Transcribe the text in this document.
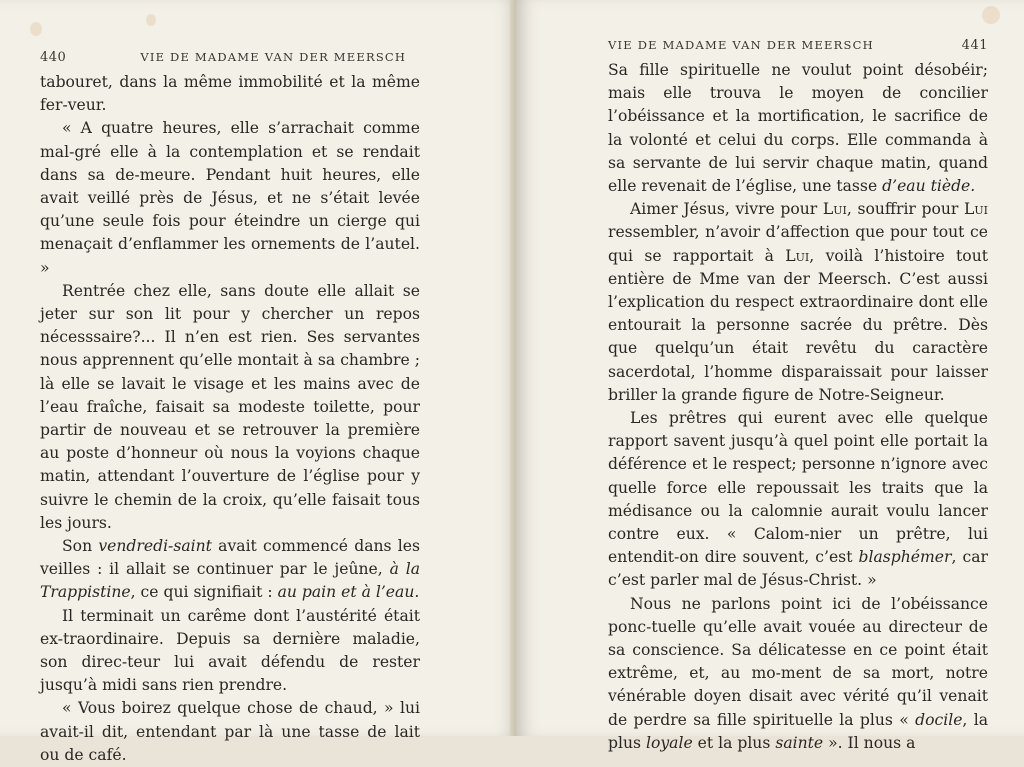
440	VIE DE MADAME VAN DER MEERSCH

tabouret, dans la même immobilité et la même fer-veur.

« A quatre heures, elle s’arrachait comme mal-gré elle à la contemplation et se rendait dans sa de-meure. Pendant huit heures, elle avait veillé près de Jésus, et ne s’était levée qu’une seule fois pour éteindre un cierge qui menaçait d’enflammer les ornements de l’autel. »

Rentrée chez elle, sans doute elle allait se jeter sur son lit pour y chercher un repos nécesssaire?... Il n’en est rien. Ses servantes nous apprennent qu’elle montait à sa chambre ; là elle se lavait le visage et les mains avec de l’eau fraîche, faisait sa modeste toilette, pour partir de nouveau et se retrouver la première au poste d’honneur où nous la voyions chaque matin, attendant l’ouverture de l’église pour y suivre le chemin de la croix, qu’elle faisait tous les jours.

Son vendredi-saint avait commencé dans les veilles : il allait se continuer par le jeûne, à la Trappistine, ce qui signifiait : au pain et à l’eau.

Il terminait un carême dont l’austérité était ex-traordinaire. Depuis sa dernière maladie, son direc-teur lui avait défendu de rester jusqu’à midi sans rien prendre.

« Vous boirez quelque chose de chaud, » lui avait-il dit, entendant par là une tasse de lait ou de café.

VIE DE MADAME VAN DER MEERSCH	441

Sa fille spirituelle ne voulut point désobéir; mais elle trouva le moyen de concilier l’obéissance et la mortification, le sacrifice de la volonté et celui du corps. Elle commanda à sa servante de lui servir chaque matin, quand elle revenait de l’église, une tasse d’eau tiède.

Aimer Jésus, vivre pour Lui, souffrir pour Lui ressembler, n’avoir d’affection que pour tout ce qui se rapportait à Lui, voilà l’histoire tout entière de Mme van der Meersch. C’est aussi l’explication du respect extraordinaire dont elle entourait la personne sacrée du prêtre. Dès que quelqu’un était revêtu du caractère sacerdotal, l’homme disparaissait pour laisser briller la grande figure de Notre-Seigneur.

Les prêtres qui eurent avec elle quelque rapport savent jusqu’à quel point elle portait la déférence et le respect; personne n’ignore avec quelle force elle repoussait les traits que la médisance ou la calomnie aurait voulu lancer contre eux. « Calom-nier un prêtre, lui entendit-on dire souvent, c’est blasphémer, car c’est parler mal de Jésus-Christ. »

Nous ne parlons point ici de l’obéissance ponc-tuelle qu’elle avait vouée au directeur de sa conscience. Sa délicatesse en ce point était extrême, et, au mo-ment de sa mort, notre vénérable doyen disait avec vérité qu’il venait de perdre sa fille spirituelle la plus « docile, la plus loyale et la plus sainte ». Il nous a
